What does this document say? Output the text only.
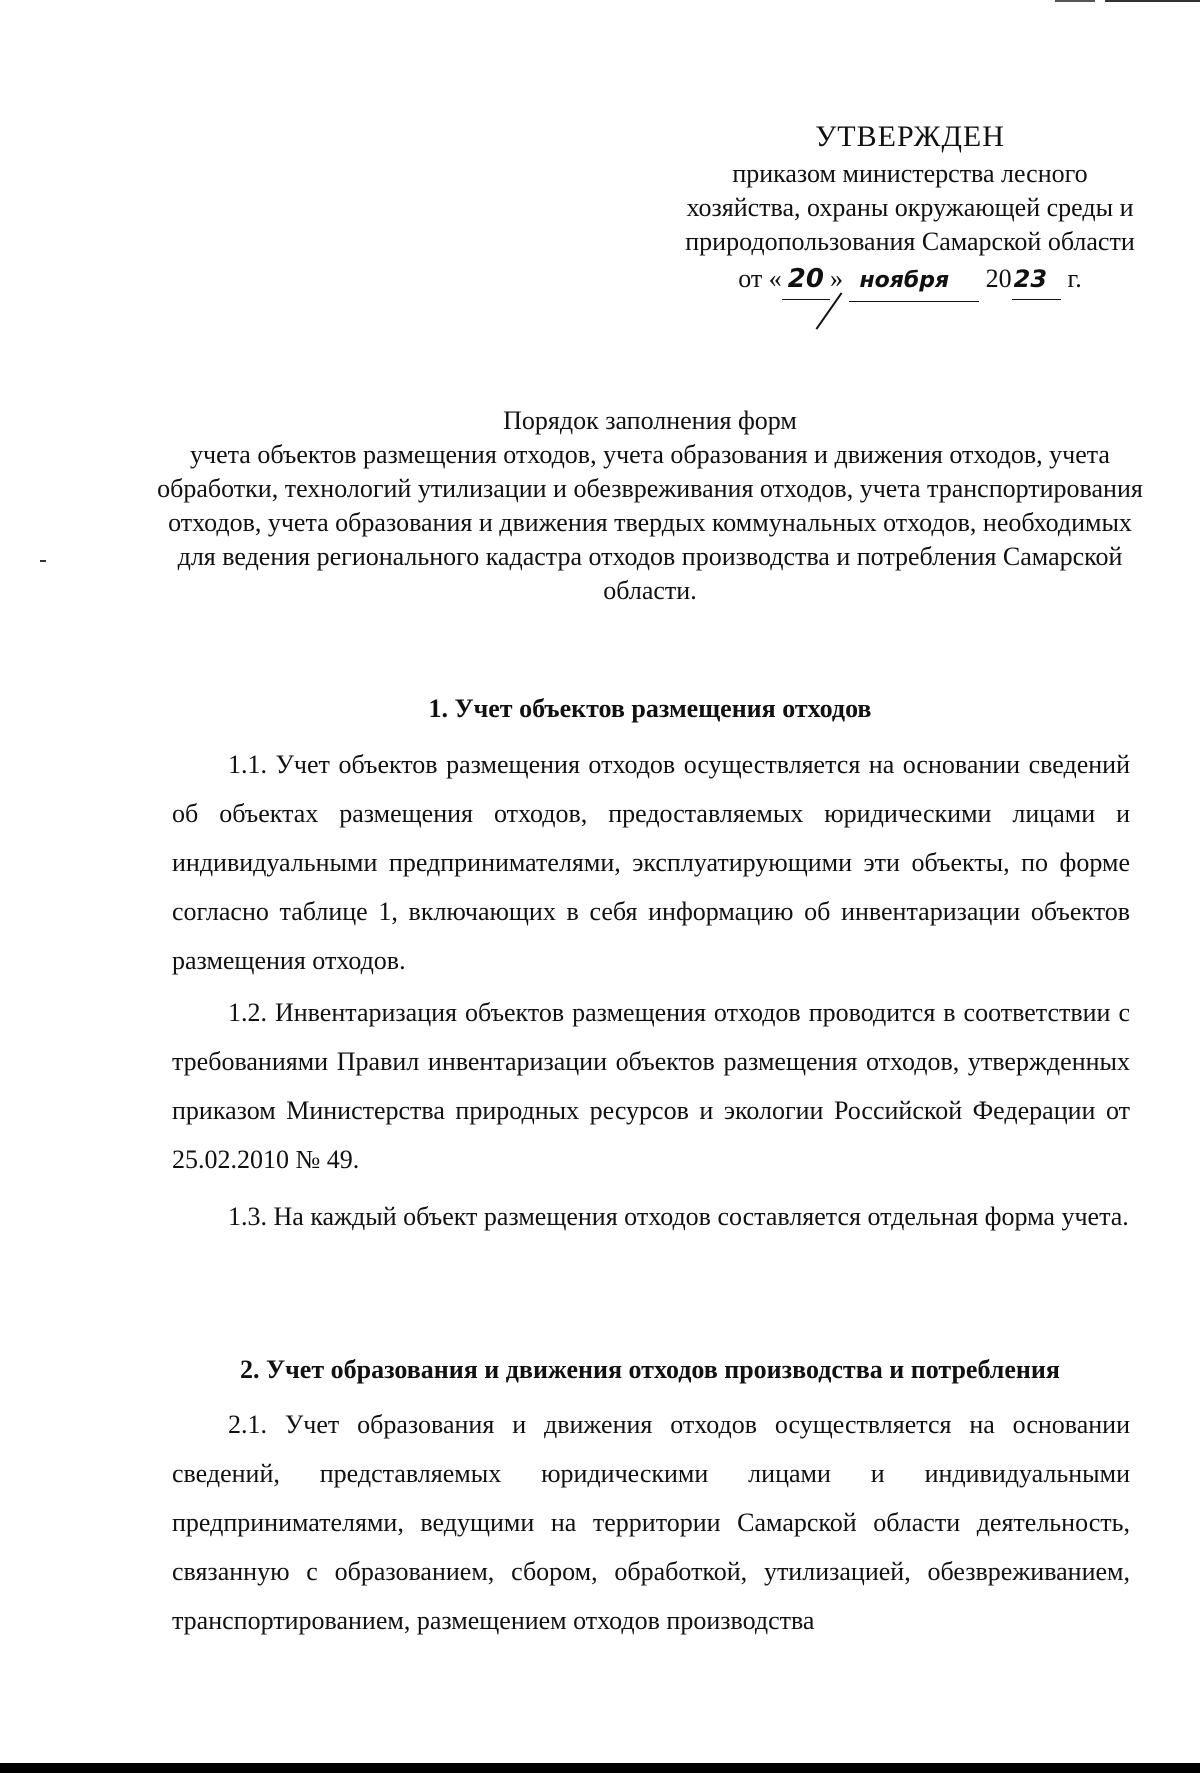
УТВЕРЖДЕН
приказом министерства лесного
хозяйства, охраны окружающей среды и
природопользования Самарской области
от « 20 » ноября 2023 г.
Порядок заполнения форм
учета объектов размещения отходов, учета образования и движения отходов, учета обработки, технологий утилизации и обезвреживания отходов, учета транспортирования отходов, учета образования и движения твердых коммунальных отходов, необходимых для ведения регионального кадастра отходов производства и потребления Самарской области.
1. Учет объектов размещения отходов
1.1. Учет объектов размещения отходов осуществляется на основании сведений об объектах размещения отходов, предоставляемых юридическими лицами и индивидуальными предпринимателями, эксплуатирующими эти объекты, по форме согласно таблице 1, включающих в себя информацию об инвентаризации объектов размещения отходов.
1.2. Инвентаризация объектов размещения отходов проводится в соответствии с требованиями Правил инвентаризации объектов размещения отходов, утвержденных приказом Министерства природных ресурсов и экологии Российской Федерации от 25.02.2010 № 49.
1.3. На каждый объект размещения отходов составляется отдельная форма учета.
2. Учет образования и движения отходов производства и потребления
2.1. Учет образования и движения отходов осуществляется на основании сведений, представляемых юридическими лицами и индивидуальными предпринимателями, ведущими на территории Самарской области деятельность, связанную с образованием, сбором, обработкой, утилизацией, обезвреживанием, транспортированием, размещением отходов производства
